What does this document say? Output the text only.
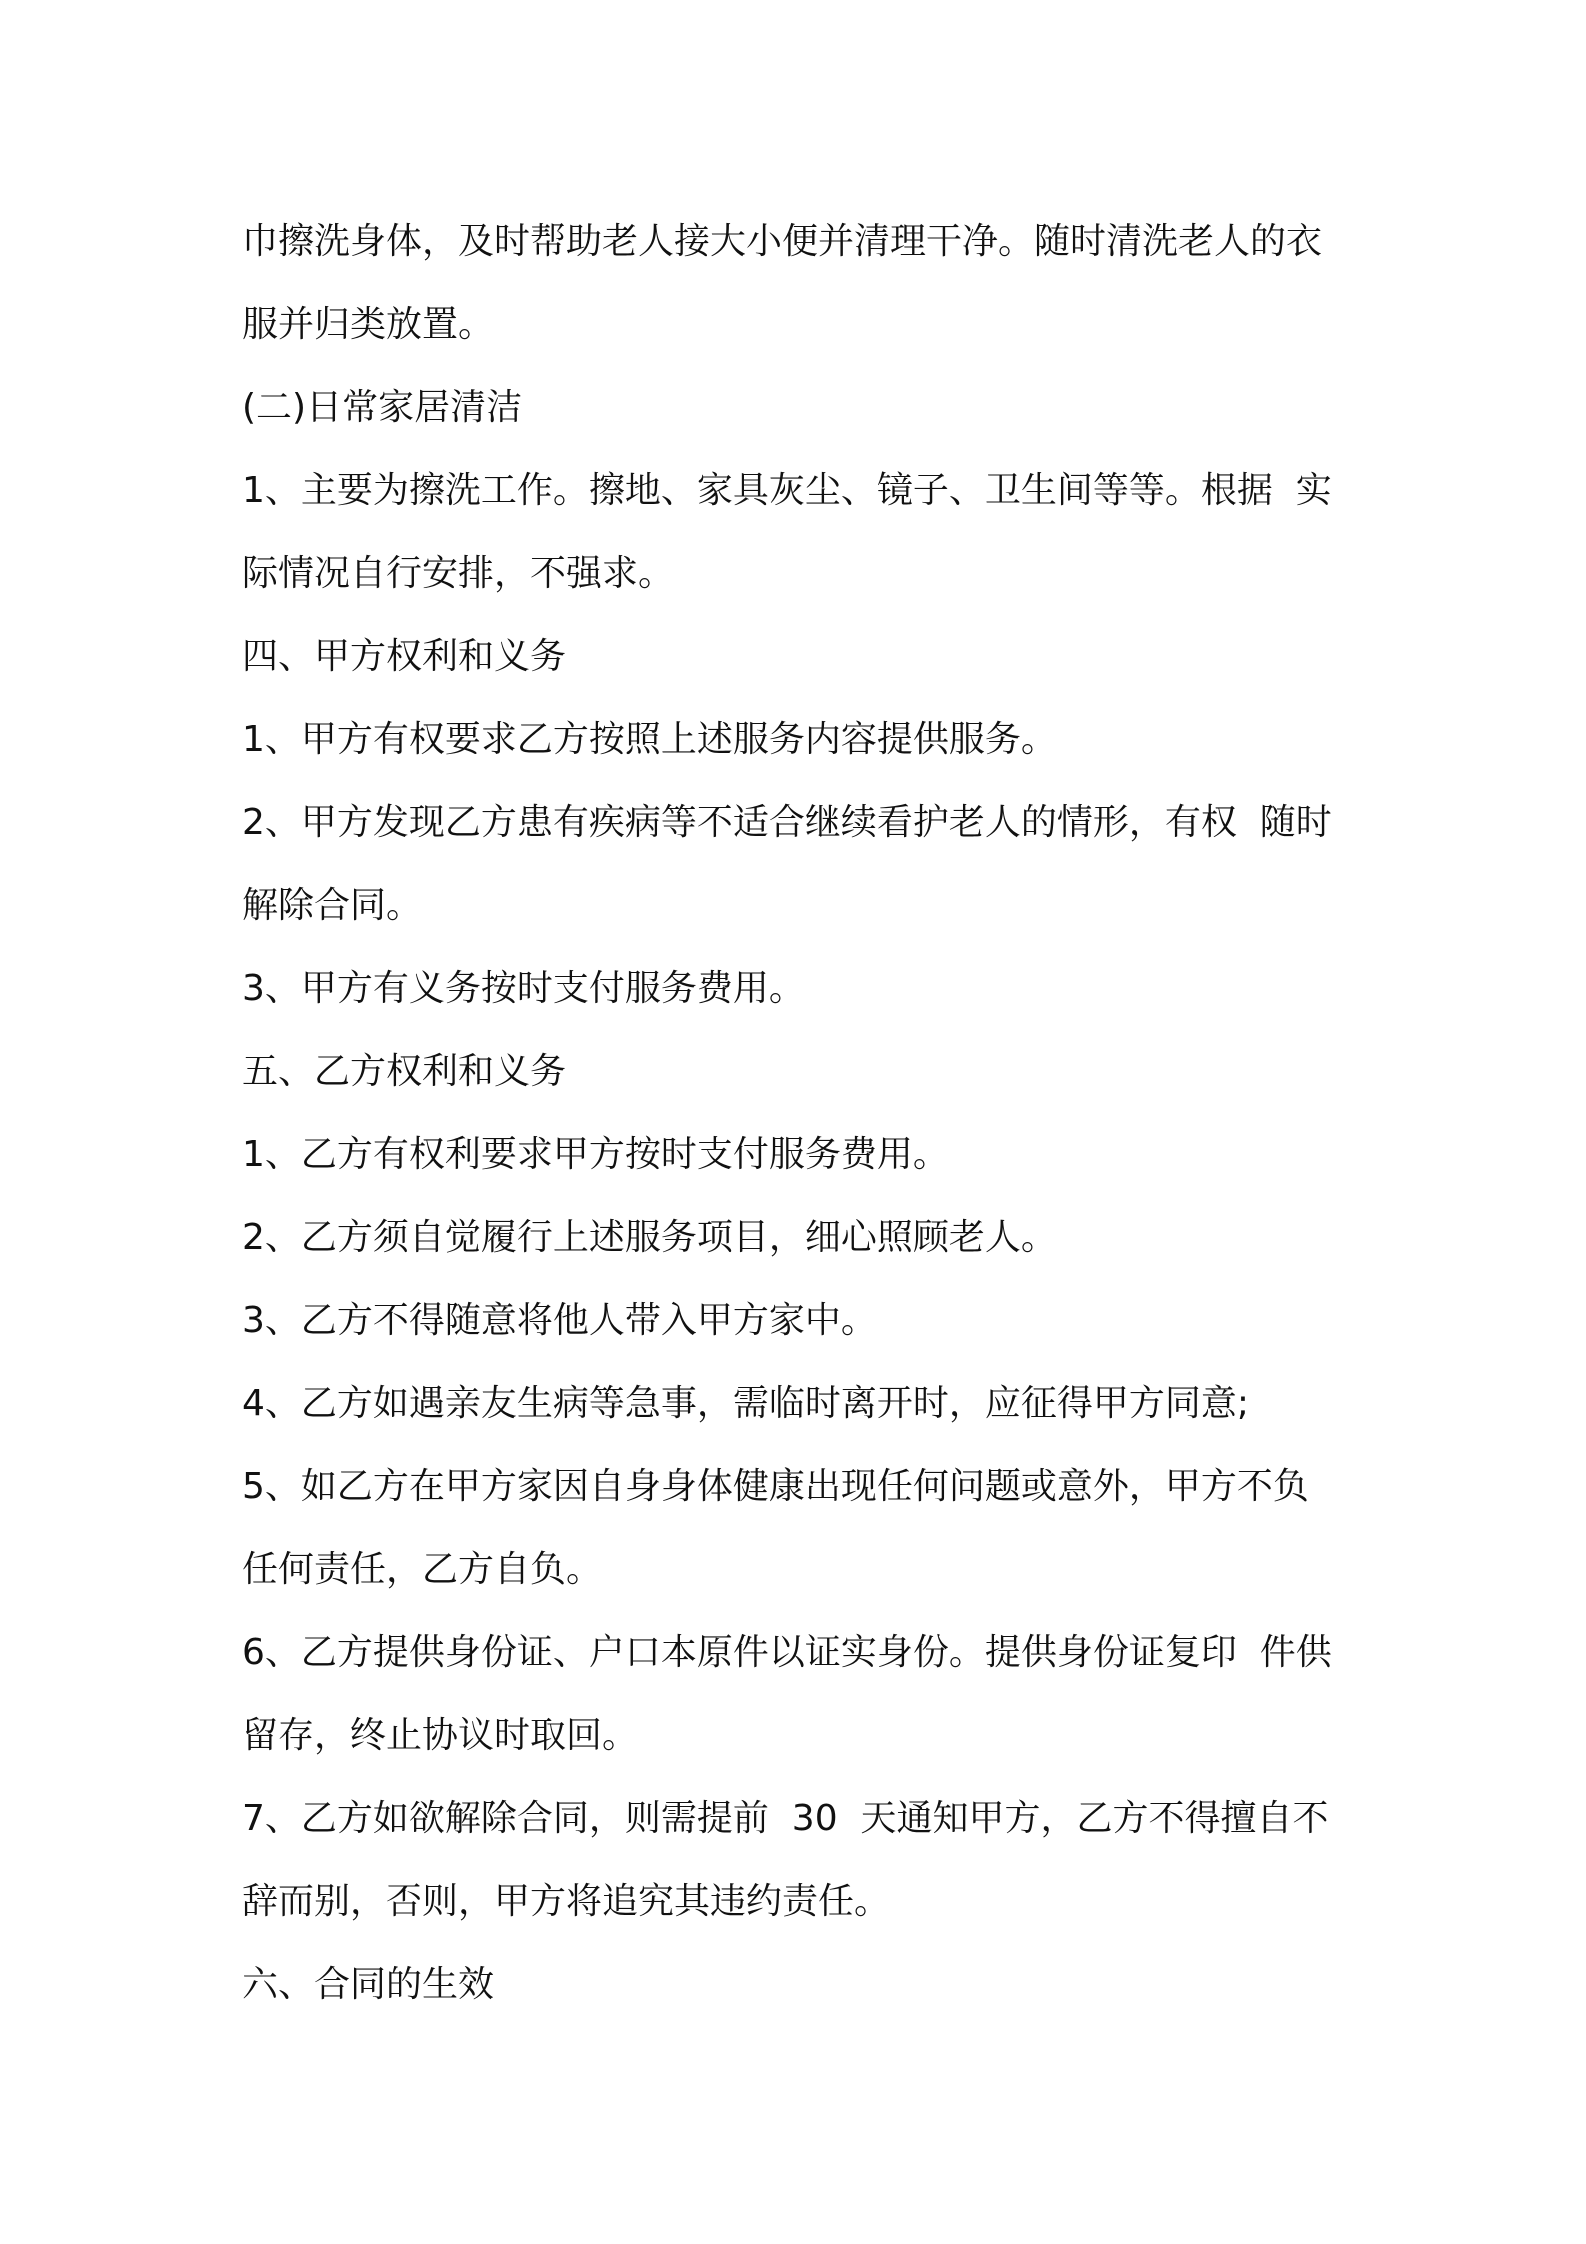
巾擦洗身体，及时帮助老人接大小便并清理干净。随时清洗老人的衣

服并归类放置。

(二)日常家居清洁

1、主要为擦洗工作。擦地、家具灰尘、镜子、卫生间等等。根据  实

际情况自行安排，不强求。

四、甲方权利和义务

1、甲方有权要求乙方按照上述服务内容提供服务。

2、甲方发现乙方患有疾病等不适合继续看护老人的情形，有权  随时

解除合同。

3、甲方有义务按时支付服务费用。

五、乙方权利和义务

1、乙方有权利要求甲方按时支付服务费用。

2、乙方须自觉履行上述服务项目，细心照顾老人。

3、乙方不得随意将他人带入甲方家中。

4、乙方如遇亲友生病等急事，需临时离开时，应征得甲方同意;

5、如乙方在甲方家因自身身体健康出现任何问题或意外，甲方不负

任何责任，乙方自负。

6、乙方提供身份证、户口本原件以证实身份。提供身份证复印  件供

留存，终止协议时取回。

7、乙方如欲解除合同，则需提前  30  天通知甲方，乙方不得擅自不

辞而别，否则，甲方将追究其违约责任。

六、合同的生效
